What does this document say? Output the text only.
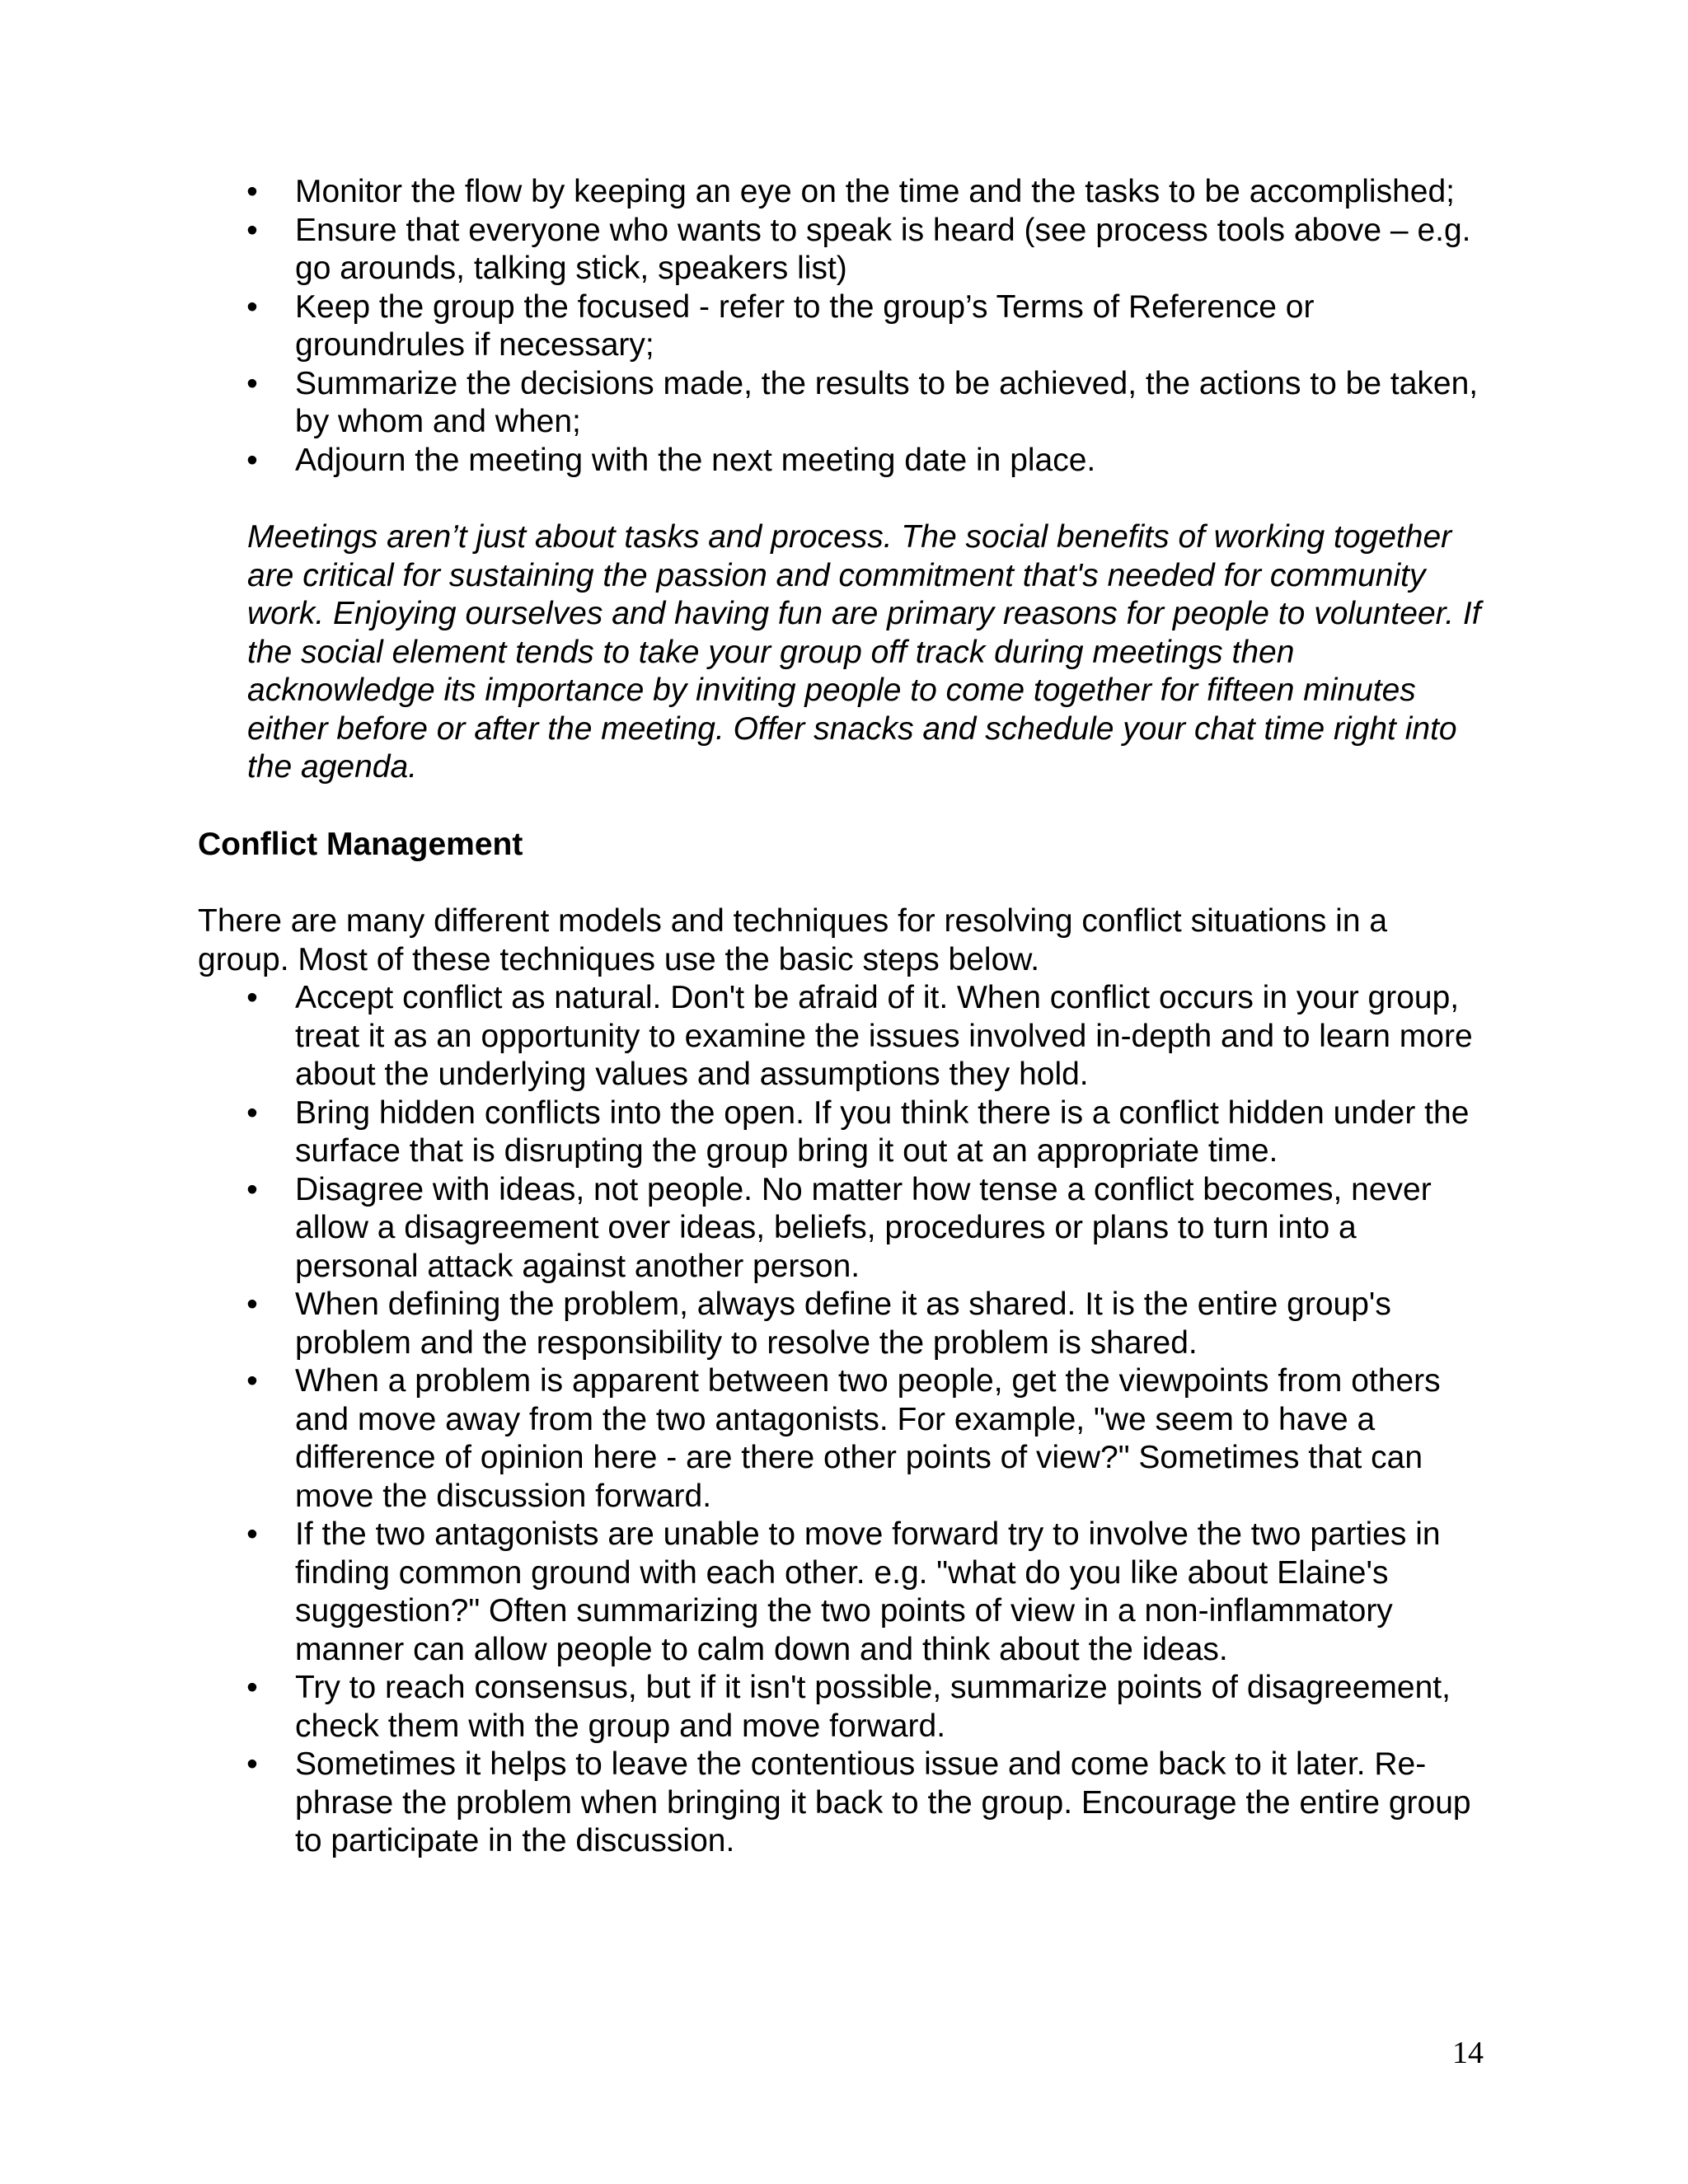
• Monitor the flow by keeping an eye on the time and the tasks to be accomplished;
• Ensure that everyone who wants to speak is heard (see process tools above – e.g. go arounds, talking stick, speakers list)
• Keep the group the focused - refer to the group’s Terms of Reference or groundrules if necessary;
• Summarize the decisions made, the results to be achieved, the actions to be taken, by whom and when;
• Adjourn the meeting with the next meeting date in place.

Meetings aren’t just about tasks and process. The social benefits of working together are critical for sustaining the passion and commitment that's needed for community work. Enjoying ourselves and having fun are primary reasons for people to volunteer. If the social element tends to take your group off track during meetings then acknowledge its importance by inviting people to come together for fifteen minutes either before or after the meeting. Offer snacks and schedule your chat time right into the agenda.

Conflict Management

There are many different models and techniques for resolving conflict situations in a group. Most of these techniques use the basic steps below.

• Accept conflict as natural. Don't be afraid of it. When conflict occurs in your group, treat it as an opportunity to examine the issues involved in-depth and to learn more about the underlying values and assumptions they hold.
• Bring hidden conflicts into the open. If you think there is a conflict hidden under the surface that is disrupting the group bring it out at an appropriate time.
• Disagree with ideas, not people. No matter how tense a conflict becomes, never allow a disagreement over ideas, beliefs, procedures or plans to turn into a personal attack against another person.
• When defining the problem, always define it as shared. It is the entire group's problem and the responsibility to resolve the problem is shared.
• When a problem is apparent between two people, get the viewpoints from others and move away from the two antagonists. For example, "we seem to have a difference of opinion here - are there other points of view?" Sometimes that can move the discussion forward.
• If the two antagonists are unable to move forward try to involve the two parties in finding common ground with each other. e.g. "what do you like about Elaine's suggestion?" Often summarizing the two points of view in a non-inflammatory manner can allow people to calm down and think about the ideas.
• Try to reach consensus, but if it isn't possible, summarize points of disagreement, check them with the group and move forward.
• Sometimes it helps to leave the contentious issue and come back to it later. Re-phrase the problem when bringing it back to the group. Encourage the entire group to participate in the discussion.
14
